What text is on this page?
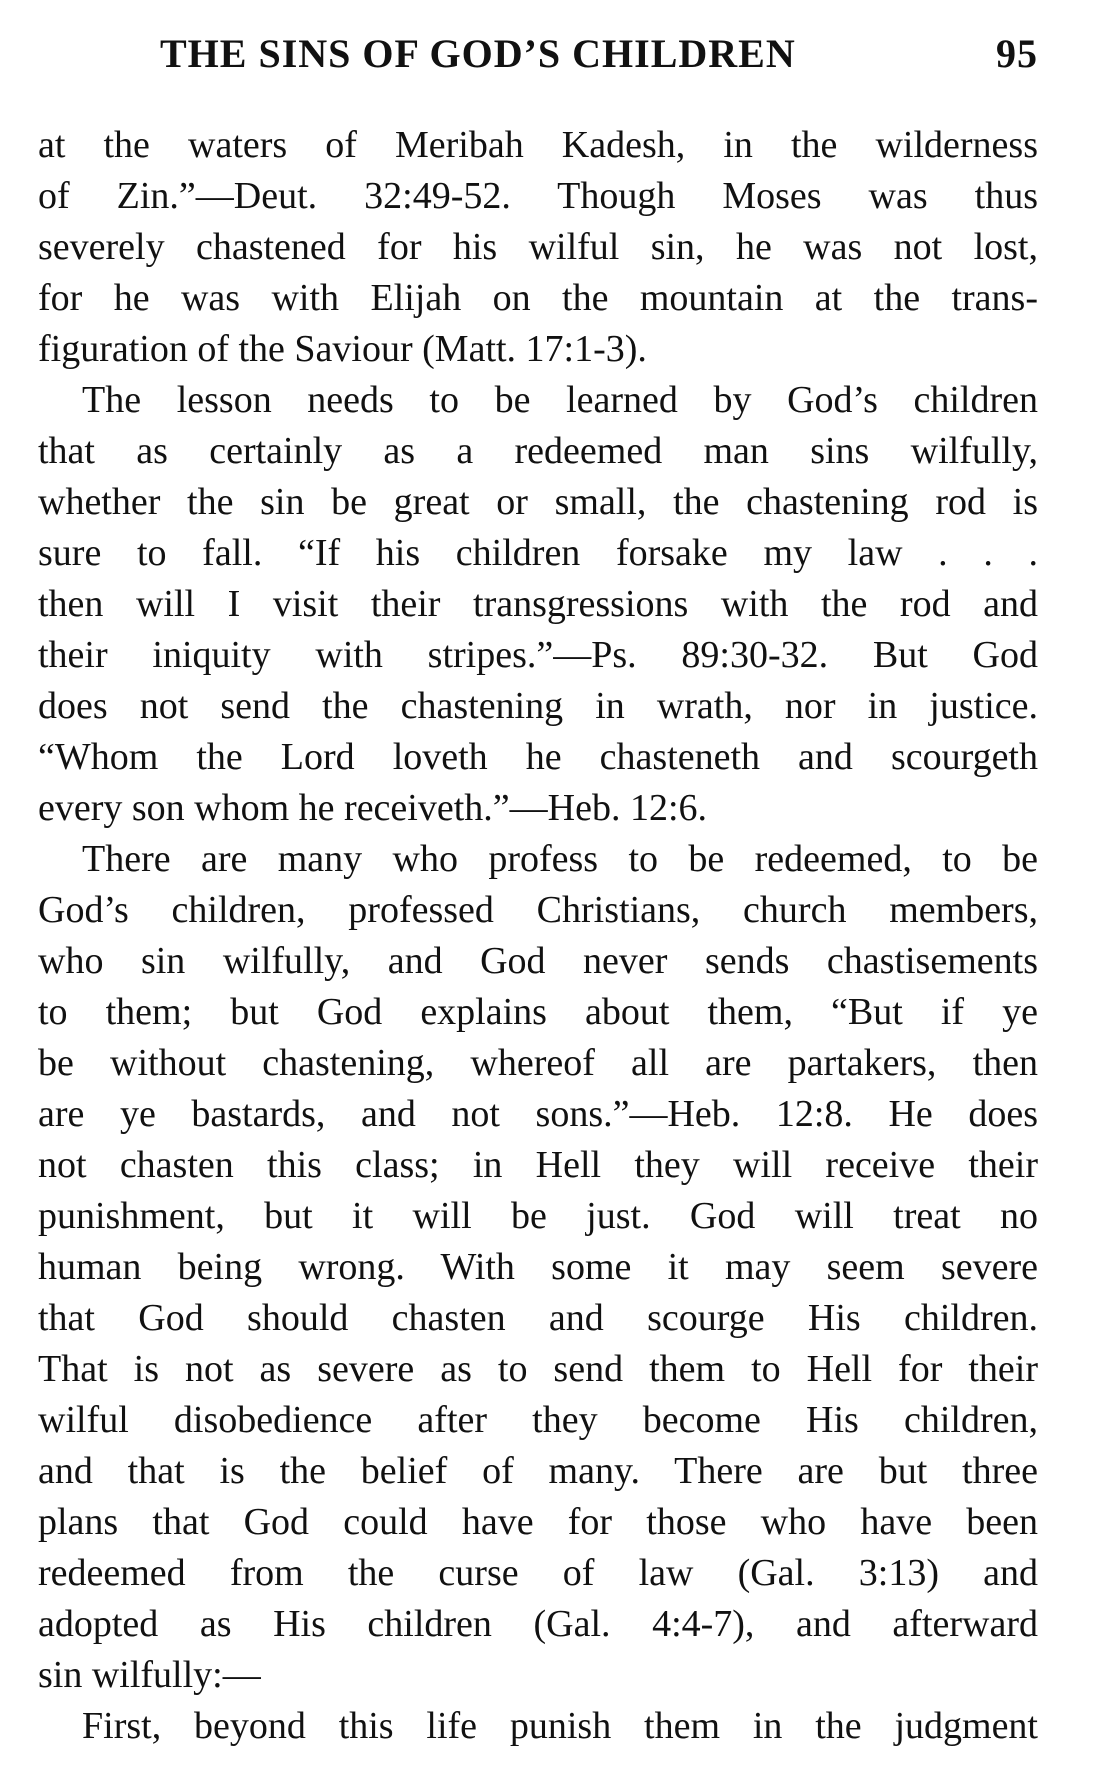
THE SINS OF GOD’S CHILDREN	95
at the waters of Meribah Kadesh, in the wilderness
of Zin.”—Deut. 32:49-52. Though Moses was thus
severely chastened for his wilful sin, he was not lost,
for he was with Elijah on the mountain at the trans-
figuration of the Saviour (Matt. 17:1-3).
The lesson needs to be learned by God’s children
that as certainly as a redeemed man sins wilfully,
whether the sin be great or small, the chastening rod is
sure to fall. “If his children forsake my law . . .
then will I visit their transgressions with the rod and
their iniquity with stripes.”—Ps. 89:30-32. But God
does not send the chastening in wrath, nor in justice.
“Whom the Lord loveth he chasteneth and scourgeth
every son whom he receiveth.”—Heb. 12:6.
There are many who profess to be redeemed, to be
God’s children, professed Christians, church members,
who sin wilfully, and God never sends chastisements
to them; but God explains about them, “But if ye
be without chastening, whereof all are partakers, then
are ye bastards, and not sons.”—Heb. 12:8. He does
not chasten this class; in Hell they will receive their
punishment, but it will be just. God will treat no
human being wrong. With some it may seem severe
that God should chasten and scourge His children.
That is not as severe as to send them to Hell for their
wilful disobedience after they become His children,
and that is the belief of many. There are but three
plans that God could have for those who have been
redeemed from the curse of law (Gal. 3:13) and
adopted as His children (Gal. 4:4-7), and afterward
sin wilfully:—
First, beyond this life punish them in the judgment
